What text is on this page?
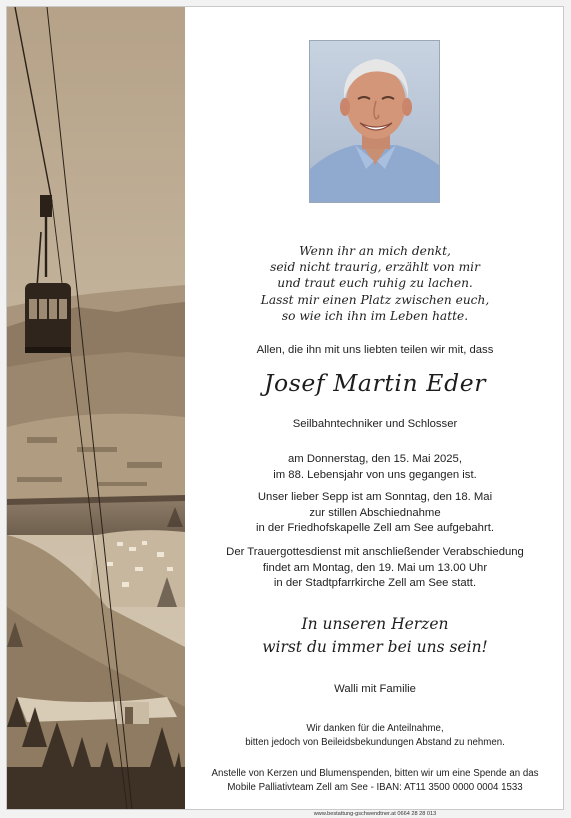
Wenn ihr an mich denkt,
seid nicht traurig, erzählt von mir
und traut euch ruhig zu lachen.
Lasst mir einen Platz zwischen euch,
so wie ich ihn im Leben hatte.
Allen, die ihn mit uns liebten teilen wir mit, dass
Josef Martin Eder
Seilbahntechniker und Schlosser
am Donnerstag, den 15. Mai 2025,
im 88. Lebensjahr von uns gegangen ist.
Unser lieber Sepp ist am Sonntag, den 18. Mai
zur stillen Abschiednahme
in der Friedhofskapelle Zell am See aufgebahrt.
Der Trauergottesdienst mit anschließender Verabschiedung
findet am Montag, den 19. Mai um 13.00 Uhr
in der Stadtpfarrkirche Zell am See statt.
In unseren Herzen
wirst du immer bei uns sein!
Walli mit Familie
Wir danken für die Anteilnahme,
bitten jedoch von Beileidsbekundungen Abstand zu nehmen.
Anstelle von Kerzen und Blumenspenden, bitten wir um eine Spende an das
Mobile Palliativteam Zell am See - IBAN: AT11 3500 0000 0004 1533
www.bestattung-gschwendtner.at 0664 28 28 013
